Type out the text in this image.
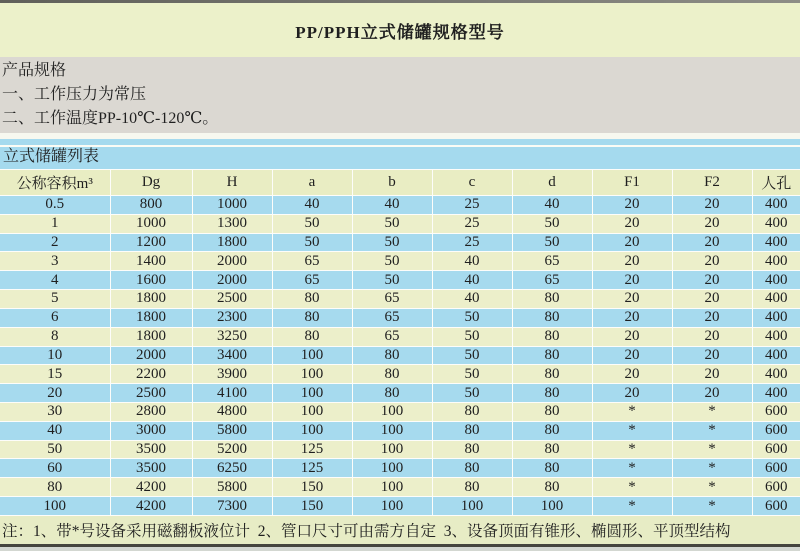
PP/PPH立式储罐规格型号
产品规格
一、工作压力为常压
二、工作温度PP-10℃-120℃。
立式储罐列表
公称容积m³	Dg	H	a	b	c	d	F1	F2	人孔
0.5	800	1000	40	40	25	40	20	20	400
1	1000	1300	50	50	25	50	20	20	400
2	1200	1800	50	50	25	50	20	20	400
3	1400	2000	65	50	40	65	20	20	400
4	1600	2000	65	50	40	65	20	20	400
5	1800	2500	80	65	40	80	20	20	400
6	1800	2300	80	65	50	80	20	20	400
8	1800	3250	80	65	50	80	20	20	400
10	2000	3400	100	80	50	80	20	20	400
15	2200	3900	100	80	50	80	20	20	400
20	2500	4100	100	80	50	80	20	20	400
30	2800	4800	100	100	80	80	*	*	600
40	3000	5800	100	100	80	80	*	*	600
50	3500	5200	125	100	80	80	*	*	600
60	3500	6250	125	100	80	80	*	*	600
80	4200	5800	150	100	80	80	*	*	600
100	4200	7300	150	100	100	100	*	*	600
注：1、带*号设备采用磁翻板液位计  2、管口尺寸可由需方自定  3、设备顶面有锥形、椭圆形、平顶型结构
